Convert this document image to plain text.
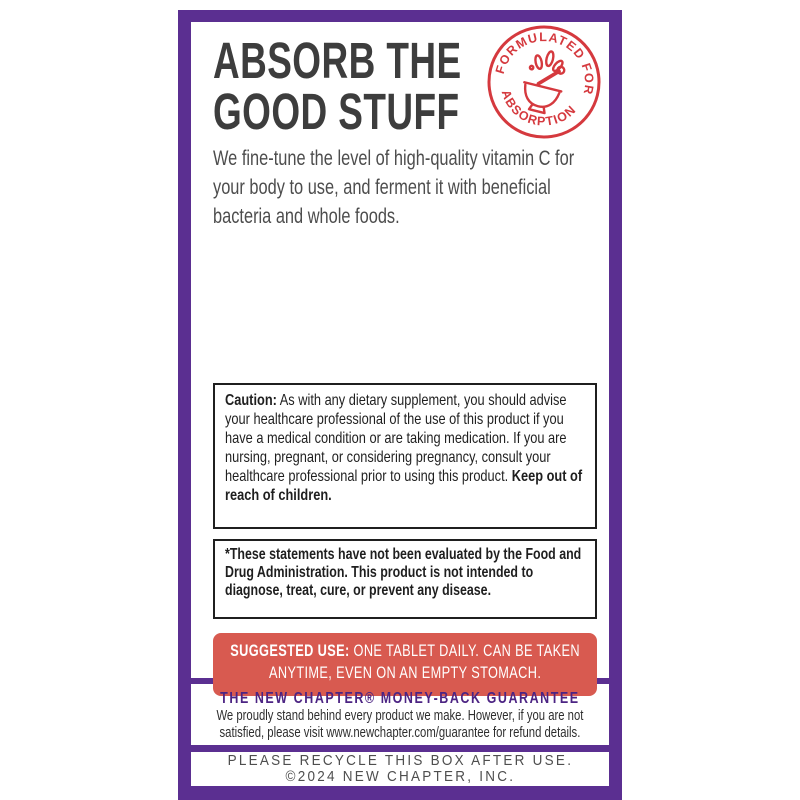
ABSORB THE
GOOD STUFF
FORMULATED FOR
ABSORPTION

We fine-tune the level of high-quality vitamin C for your body to use, and ferment it with beneficial bacteria and whole foods.

Caution: As with any dietary supplement, you should advise your healthcare professional of the use of this product if you have a medical condition or are taking medication. If you are nursing, pregnant, or considering pregnancy, consult your healthcare professional prior to using this product. Keep out of reach of children.
*These statements have not been evaluated by the Food and Drug Administration. This product is not intended to diagnose, treat, cure, or prevent any disease.
SUGGESTED USE: ONE TABLET DAILY. CAN BE TAKEN
ANYTIME, EVEN ON AN EMPTY STOMACH.
THE NEW CHAPTER® MONEY-BACK GUARANTEE
We proudly stand behind every product we make. However, if you are not
satisfied, please visit www.newchapter.com/guarantee for refund details.
PLEASE RECYCLE THIS BOX AFTER USE.
©2024 NEW CHAPTER, INC.
